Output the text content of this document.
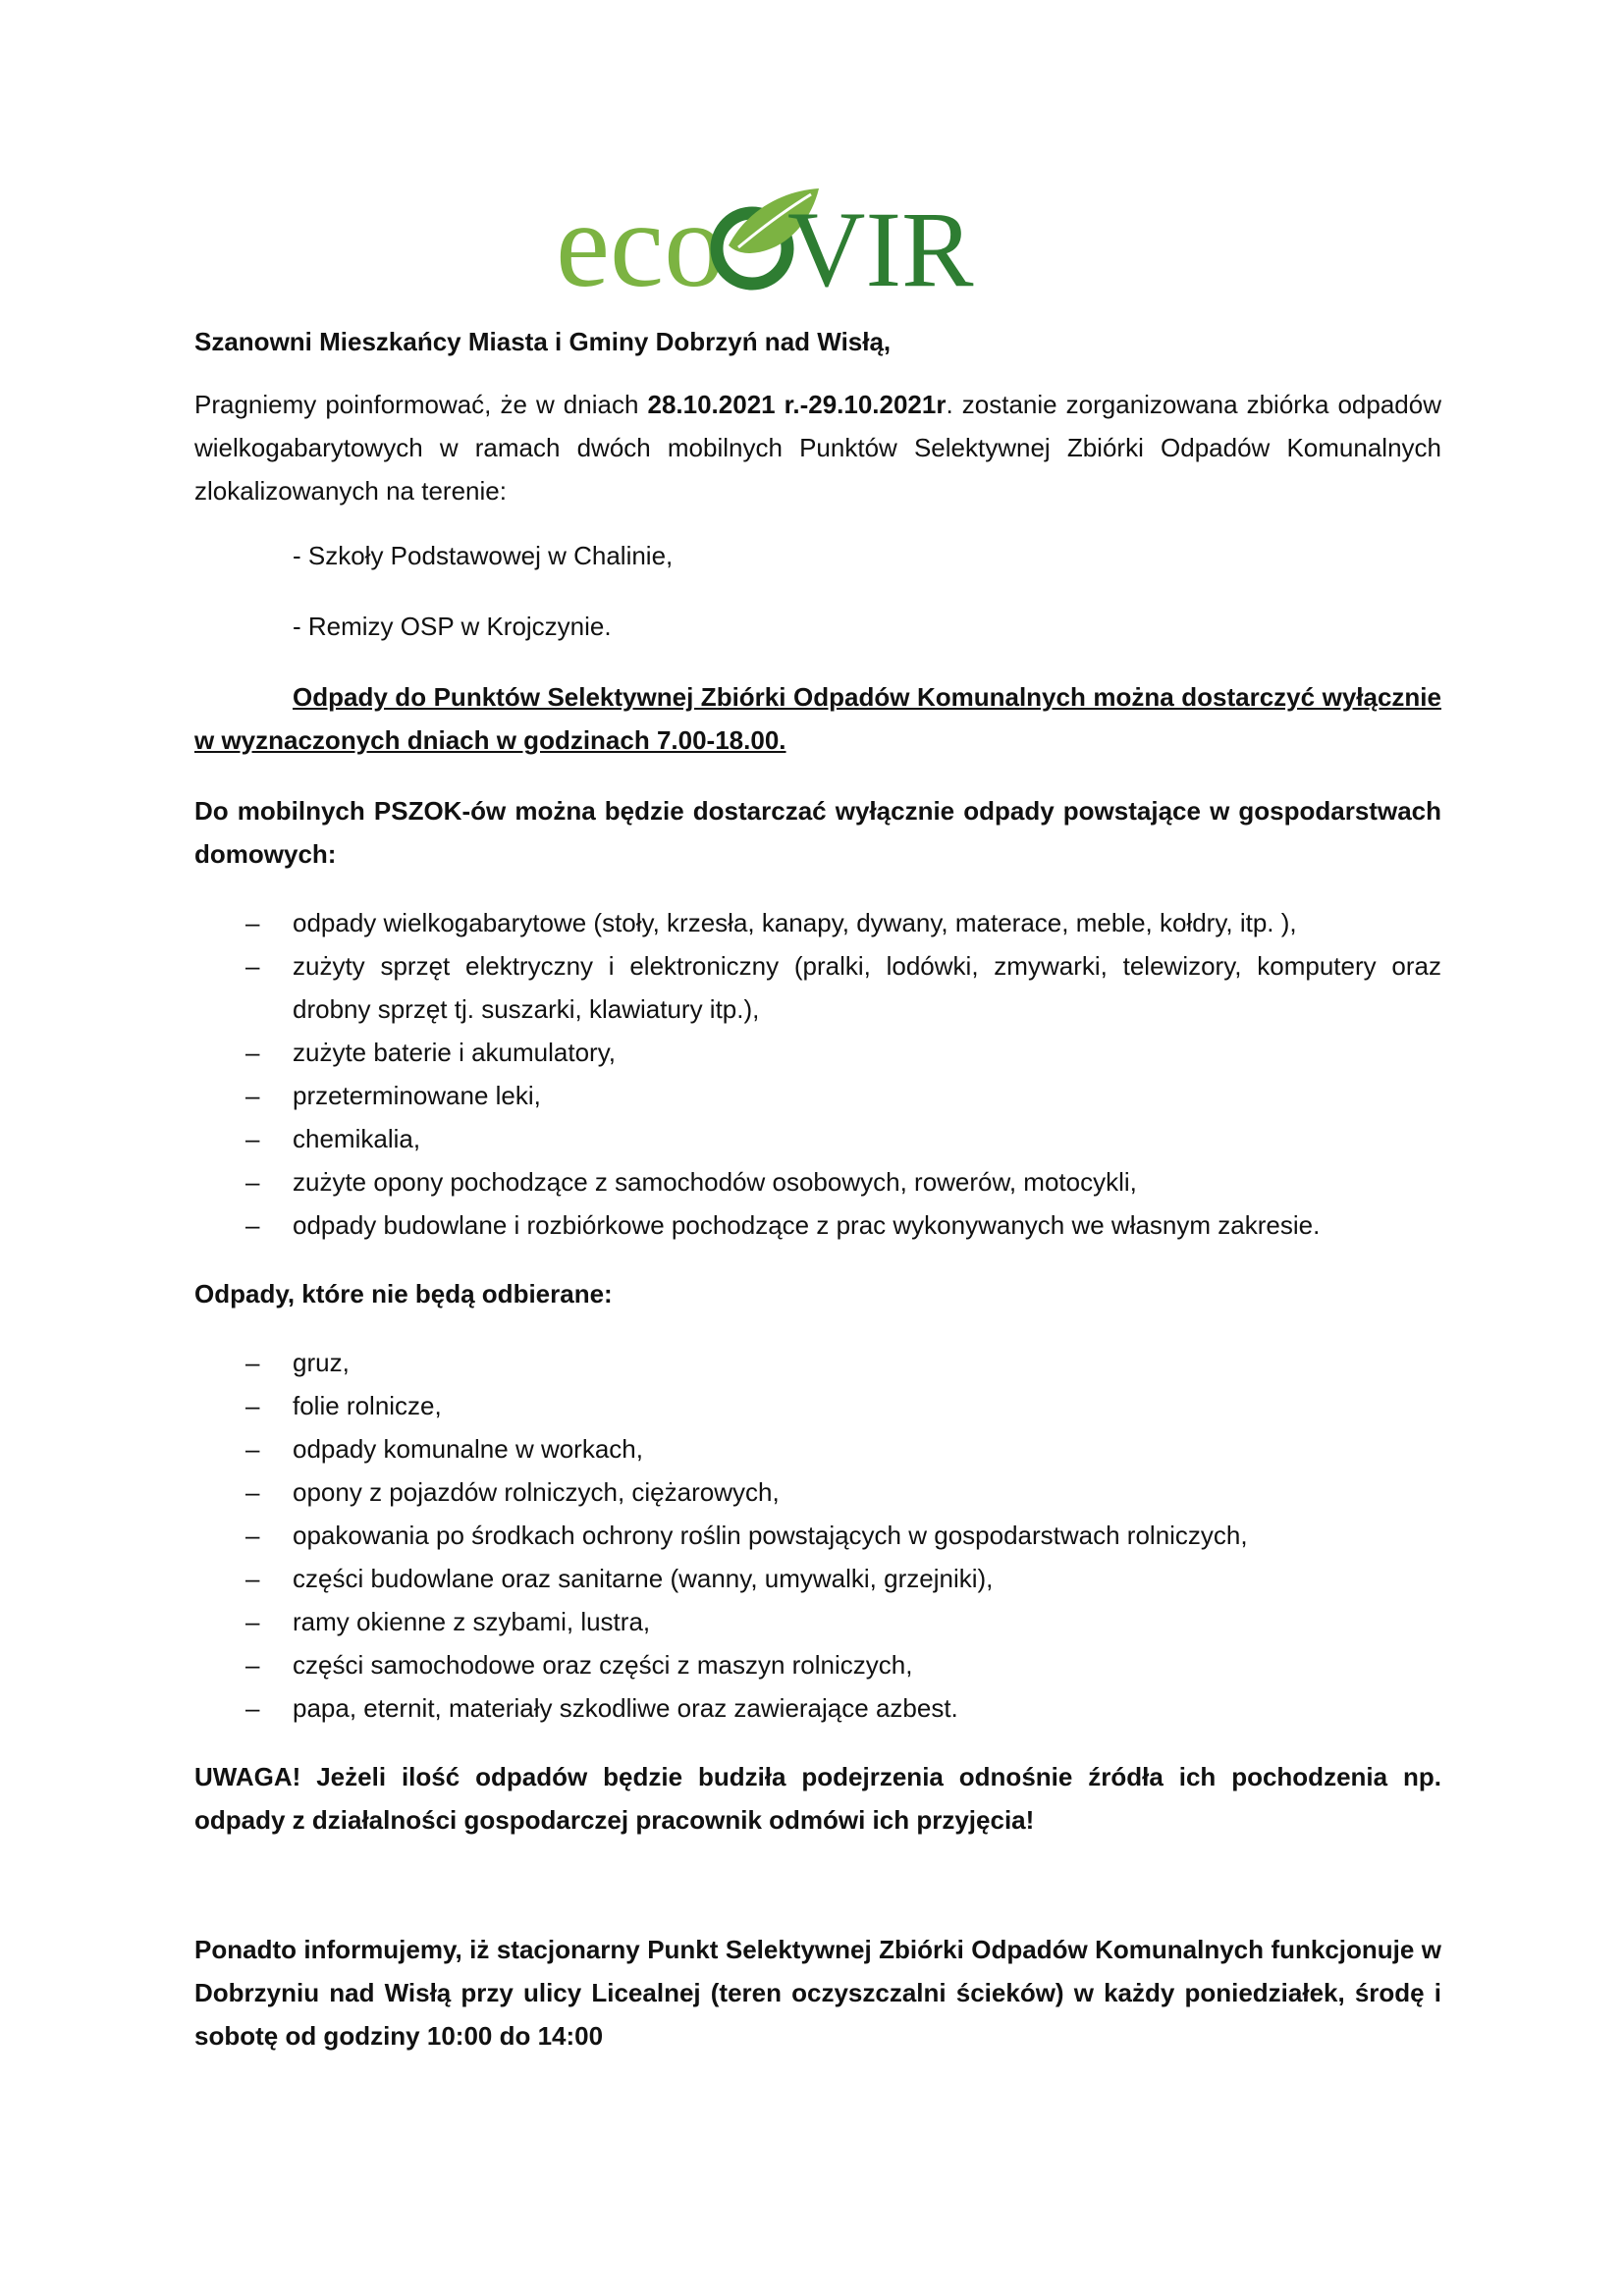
eco VIR

Szanowni Mieszkańcy Miasta i Gminy Dobrzyń nad Wisłą,

Pragniemy poinformować, że w dniach 28.10.2021 r.-29.10.2021r. zostanie zorganizowana zbiórka odpadów wielkogabarytowych w ramach dwóch mobilnych Punktów Selektywnej Zbiórki Odpadów Komunalnych zlokalizowanych na terenie:

- Szkoły Podstawowej w Chalinie,

- Remizy OSP w Krojczynie.

Odpady do Punktów Selektywnej Zbiórki Odpadów Komunalnych można dostarczyć wyłącznie w wyznaczonych dniach w godzinach 7.00-18.00.

Do mobilnych PSZOK-ów można będzie dostarczać wyłącznie odpady powstające w gospodarstwach domowych:

– odpady wielkogabarytowe (stoły, krzesła, kanapy, dywany, materace, meble, kołdry, itp. ),
– zużyty sprzęt elektryczny i elektroniczny (pralki, lodówki, zmywarki, telewizory, komputery oraz drobny sprzęt tj. suszarki, klawiatury itp.),
– zużyte baterie i akumulatory,
– przeterminowane leki,
– chemikalia,
– zużyte opony pochodzące z samochodów osobowych, rowerów, motocykli,
– odpady budowlane i rozbiórkowe pochodzące z prac wykonywanych we własnym zakresie.

Odpady, które nie będą odbierane:

– gruz,
– folie rolnicze,
– odpady komunalne w workach,
– opony z pojazdów rolniczych, ciężarowych,
– opakowania po środkach ochrony roślin powstających w gospodarstwach rolniczych,
– części budowlane oraz sanitarne (wanny, umywalki, grzejniki),
– ramy okienne z szybami, lustra,
– części samochodowe oraz części z maszyn rolniczych,
– papa, eternit, materiały szkodliwe oraz zawierające azbest.

UWAGA! Jeżeli ilość odpadów będzie budziła podejrzenia odnośnie źródła ich pochodzenia np. odpady z działalności gospodarczej pracownik odmówi ich przyjęcia!

Ponadto informujemy, iż stacjonarny Punkt Selektywnej Zbiórki Odpadów Komunalnych funkcjonuje w Dobrzyniu nad Wisłą przy ulicy Licealnej (teren oczyszczalni ścieków) w każdy poniedziałek, środę i sobotę od godziny 10:00 do 14:00
